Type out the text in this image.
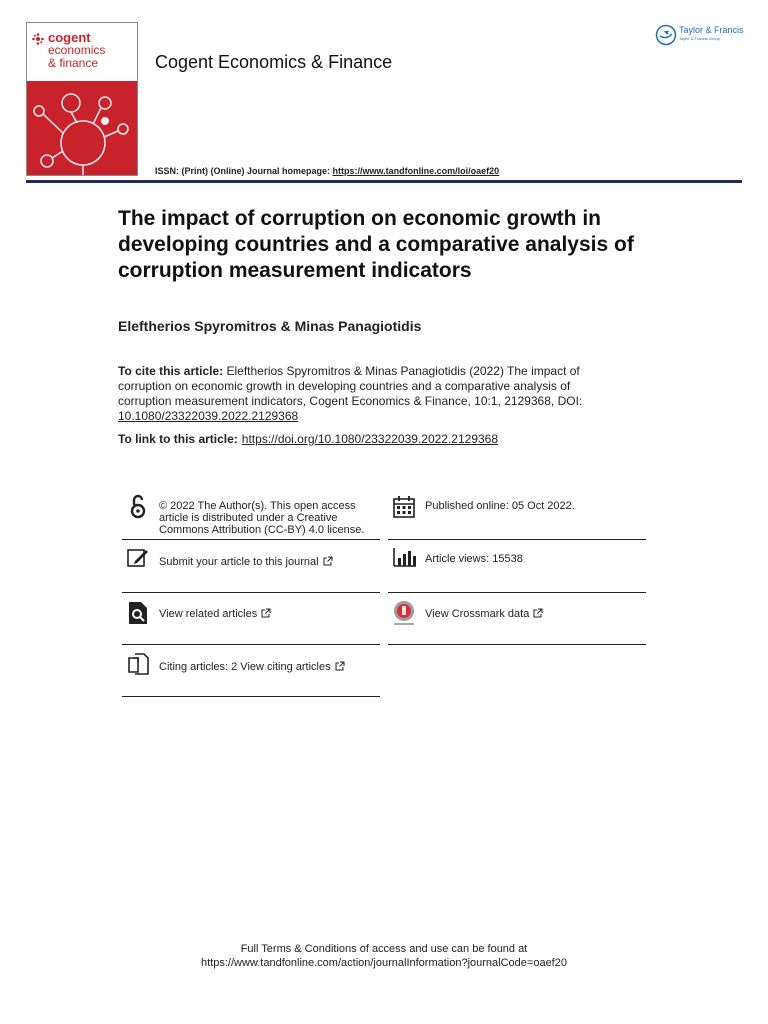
cogent
economics
& finance	Cogent Economics & Finance
Taylor & Francis
Taylor & Francis Group
ISSN: (Print) (Online) Journal homepage: https://www.tandfonline.com/loi/oaef20
The impact of corruption on economic growth in developing countries and a comparative analysis of corruption measurement indicators
Eleftherios Spyromitros & Minas Panagiotidis
To cite this article: Eleftherios Spyromitros & Minas Panagiotidis (2022) The impact of corruption on economic growth in developing countries and a comparative analysis of corruption measurement indicators, Cogent Economics & Finance, 10:1, 2129368, DOI: 10.1080/23322039.2022.2129368
To link to this article: https://doi.org/10.1080/23322039.2022.2129368
© 2022 The Author(s). This open access article is distributed under a Creative Commons Attribution (CC-BY) 4.0 license.
Published online: 05 Oct 2022.
Submit your article to this journal	Article views: 15538
View related articles	View Crossmark data
Citing articles: 2 View citing articles
Full Terms & Conditions of access and use can be found at
https://www.tandfonline.com/action/journalInformation?journalCode=oaef20
